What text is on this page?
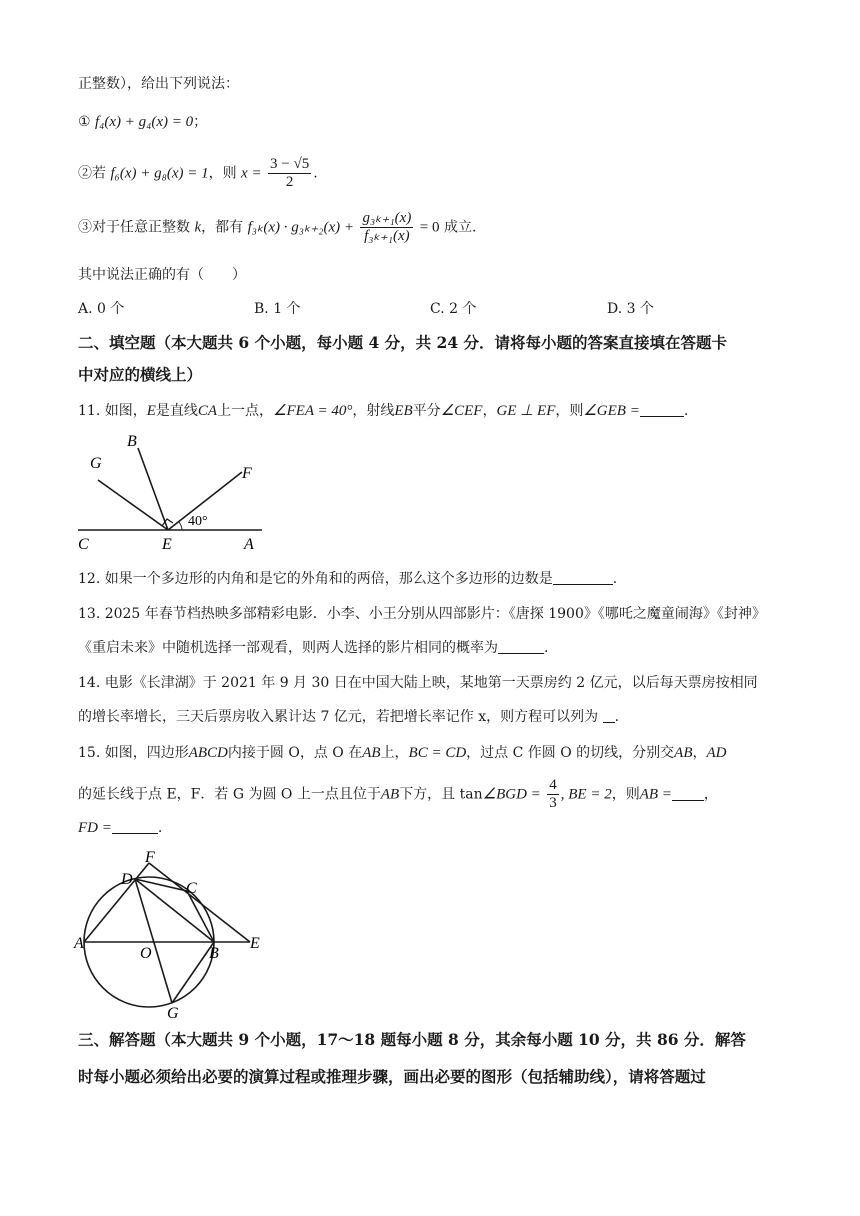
正整数），给出下列说法：
① f₄(x) + g₄(x) = 0；
②若 f₆(x) + g₈(x) = 1，则 $x = \frac{3 - √5}{2}$ .
③对于任意正整数 k，都有 $f_{3k}(x) \cdot g_{3k+2}(x) + \frac{\text{g₃ₖ₊₁(x)}}{\text{f₃ₖ₊₁(x)}} = 0$ 成立.
其中说法正确的有（　　）
A. 0 个	B. 1 个	C. 2 个	D. 3 个
二、填空题（本大题共 6 个小题，每小题 4 分，共 24 分．请将每小题的答案直接填在答题卡
中对应的横线上）
11. 如图，E是直线CA上一点，∠FEA = 40°，射线EB平分∠CEF，GE ⊥ EF，则∠GEB =	.
G
B
F
C	E	A
40°
12. 如果一个多边形的内角和是它的外角和的两倍，那么这个多边形的边数是	.
13. 2025 年春节档热映多部精彩电影．小李、小王分别从四部影片：《唐探 1900》《哪吒之魔童闹海》《封神》
《重启未来》中随机选择一部观看，则两人选择的影片相同的概率为	.
14. 电影《长津湖》于 2021 年 9 月 30 日在中国大陆上映，某地第一天票房约 2 亿元，以后每天票房按相同
的增长率增长，三天后票房收入累计达 7 亿元，若把增长率记作 x，则方程可以列为 .
15. 如图，四边形ABCD内接于圆 O，点 O 在AB上，BC = CD，过点 C 作圆 O 的切线，分别交AB，AD
的延长线于点 E，F．若 G 为圆 O 上一点且位于AB下方，且 tan∠BGD = $\frac{4}{3}$ , BE = 2，则AB = ，
FD =	.
F
D
C
A
O	B
E
G
三、解答题（本大题共 9 个小题，17～18 题每小题 8 分，其余每小题 10 分，共 86 分．解答
时每小题必须给出必要的演算过程或推理步骤，画出必要的图形（包括辅助线），请将答题过
